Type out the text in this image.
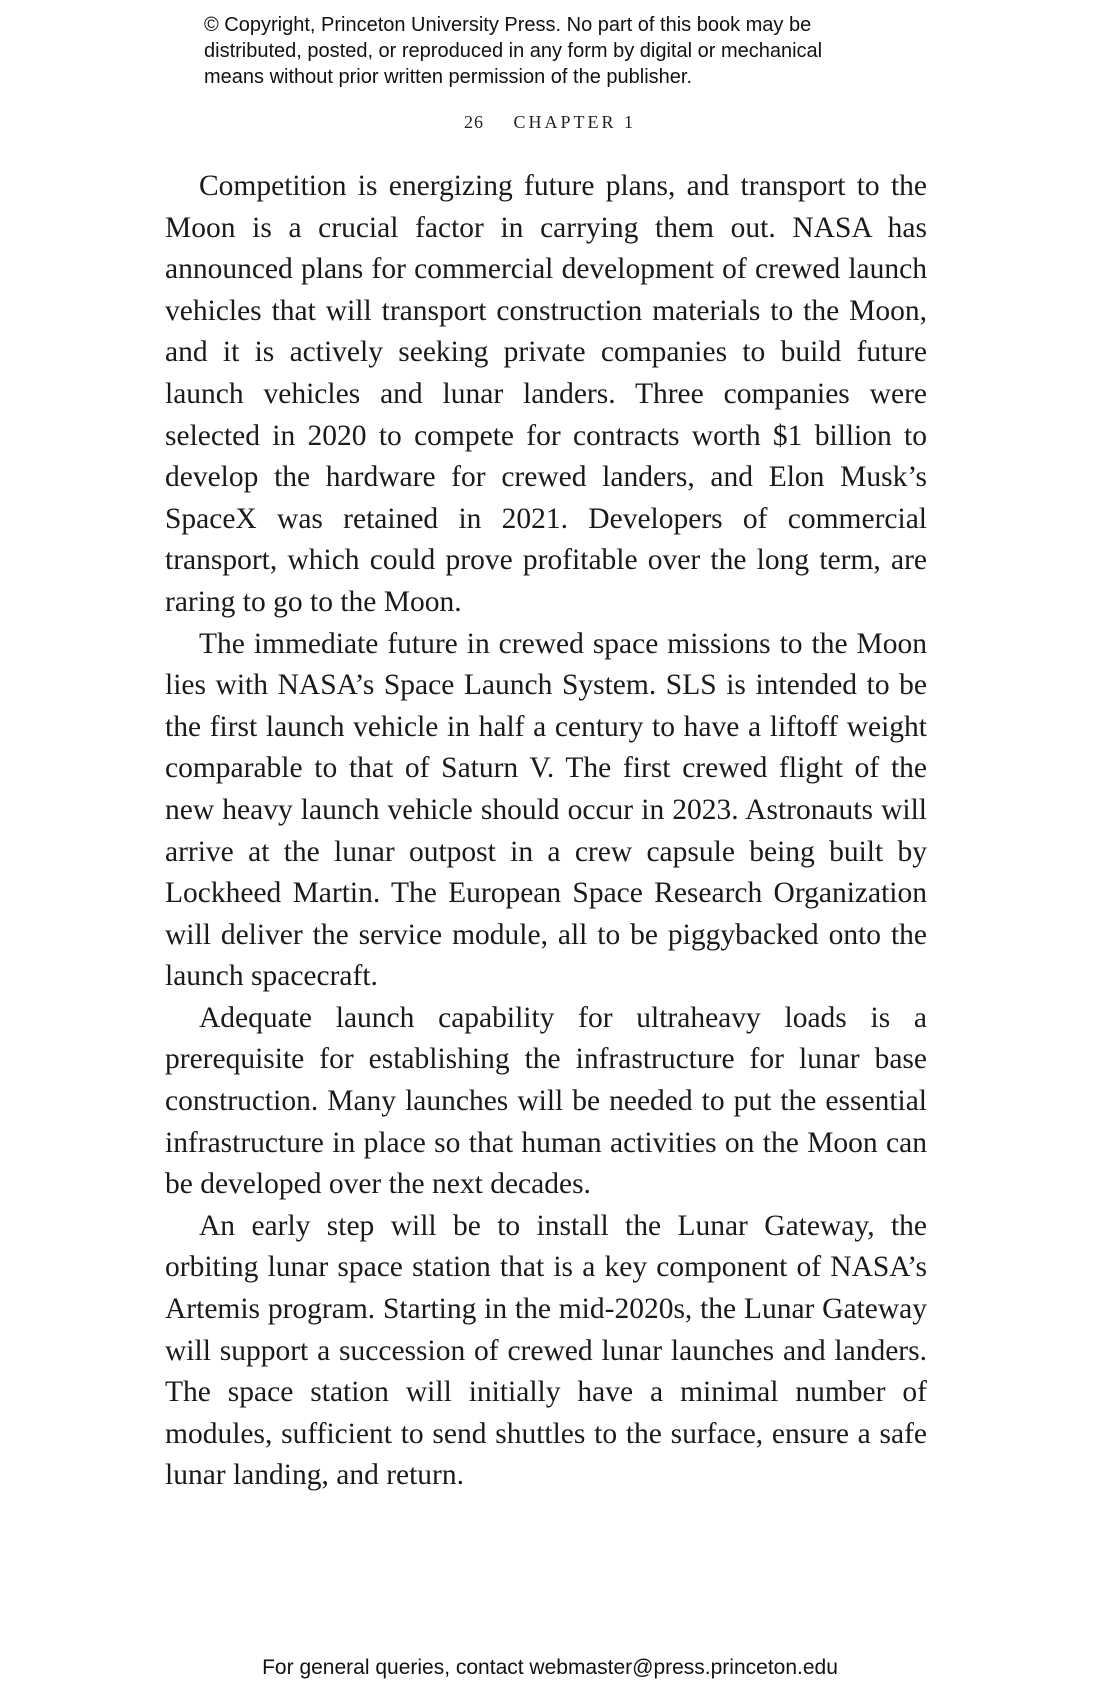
© Copyright, Princeton University Press. No part of this book may be
distributed, posted, or reproduced in any form by digital or mechanical
means without prior written permission of the publisher.
26 CHAPTER 1

Competition is energizing future plans, and transport to the Moon is a crucial factor in carrying them out. NASA has announced plans for commercial development of crewed launch vehicles that will transport construction materials to the Moon, and it is actively seeking private companies to build future launch vehicles and lunar landers. Three companies were selected in 2020 to compete for contracts worth $1 billion to develop the hardware for crewed landers, and Elon Musk’s SpaceX was retained in 2021. Developers of commercial transport, which could prove profitable over the long term, are raring to go to the Moon.

The immediate future in crewed space missions to the Moon lies with NASA’s Space Launch System. SLS is intended to be the first launch vehicle in half a century to have a liftoff weight comparable to that of Saturn V. The first crewed flight of the new heavy launch vehicle should occur in 2023. Astronauts will arrive at the lunar outpost in a crew capsule being built by Lockheed Martin. The European Space Research Organization will deliver the service module, all to be piggybacked onto the launch spacecraft.

Adequate launch capability for ultraheavy loads is a prerequisite for establishing the infrastructure for lunar base construction. Many launches will be needed to put the essential infrastructure in place so that human activities on the Moon can be developed over the next decades.

An early step will be to install the Lunar Gateway, the orbiting lunar space station that is a key component of NASA’s Artemis program. Starting in the mid-2020s, the Lunar Gateway will support a succession of crewed lunar launches and landers. The space station will initially have a minimal number of modules, sufficient to send shuttles to the surface, ensure a safe lunar landing, and return.

For general queries, contact webmaster@press.princeton.edu
